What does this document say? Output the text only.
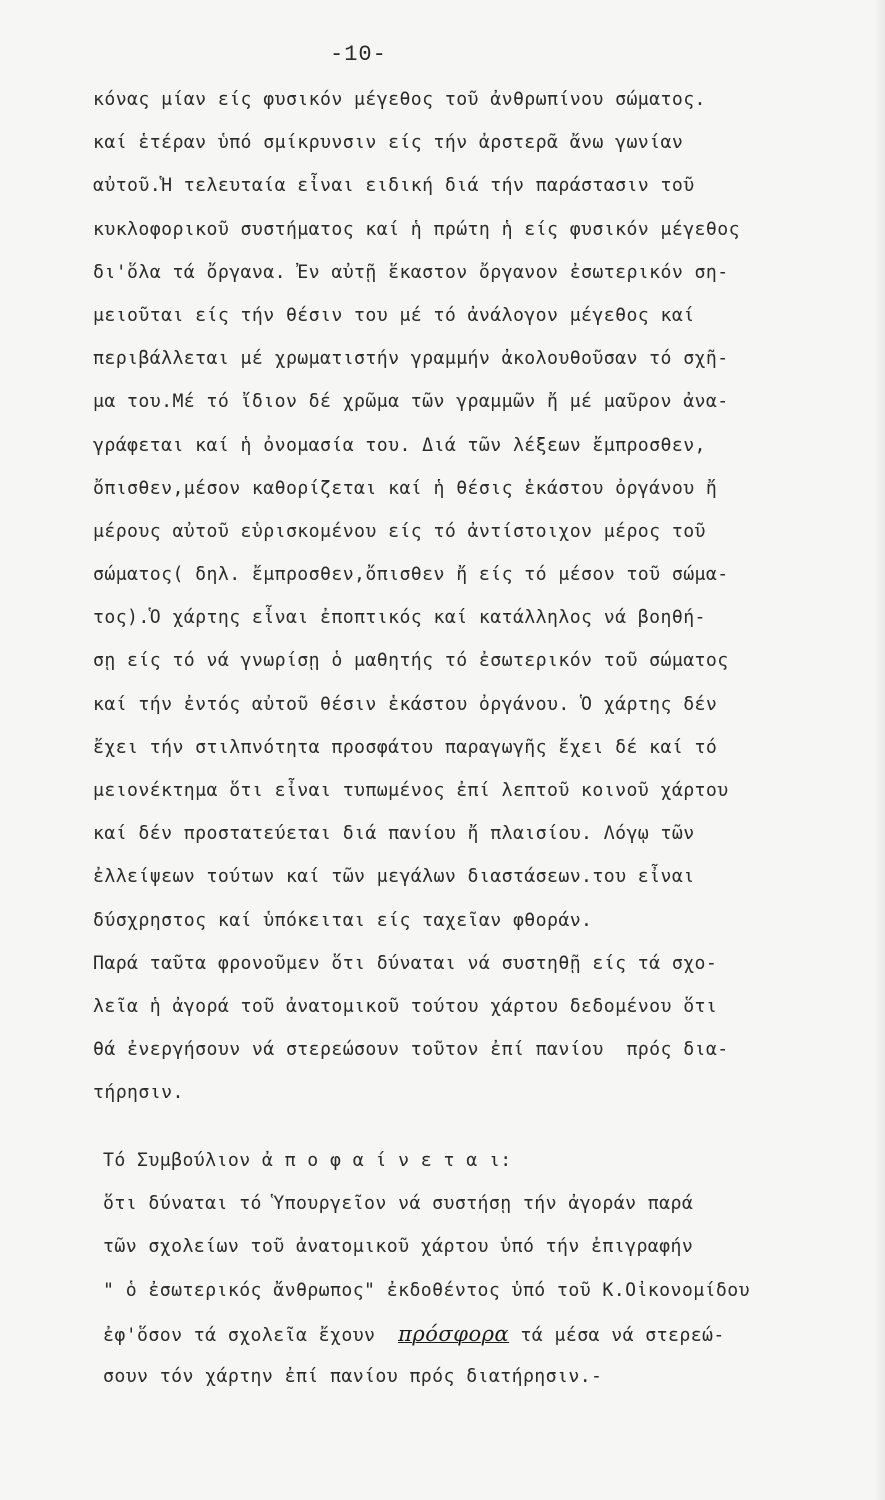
-10-
κόνας μίαν είς φυσικόν μέγεθος τοῦ ἀνθρωπίνου σώματος.
καί ἑτέραν ὑπό σμίκρυνσιν είς τήν ἀρστερᾶ ἄνω γωνίαν
αὐτοῦ.Ἡ τελευταία εἶναι ειδική διά τήν παράστασιν τοῦ
κυκλοφορικοῦ συστήματος καί ἡ πρώτη ἡ είς φυσικόν μέγεθος
δι'ὅλα τά ὄργανα. Ἐν αὐτῇ ἕκαστον ὄργανον ἐσωτερικόν ση-
μειοῦται είς τήν θέσιν του μέ τό ἀνάλογον μέγεθος καί
περιβάλλεται μέ χρωματιστήν γραμμήν ἀκολουθοῦσαν τό σχῆ-
μα του.Μέ τό ἴδιον δέ χρῶμα τῶν γραμμῶν ἤ μέ μαῦρον ἀνα-
γράφεται καί ἡ ὀνομασία του. Διά τῶν λέξεων ἔμπροσθεν,
ὄπισθεν,μέσον καθορίζεται καί ἡ θέσις ἑκάστου ὀργάνου ἤ
μέρους αὐτοῦ εὑρισκομένου είς τό ἀντίστοιχον μέρος τοῦ
σώματος( δηλ. ἔμπροσθεν,ὄπισθεν ἤ είς τό μέσον τοῦ σώμα-
τος).Ὁ χάρτης εἶναι ἐποπτικός καί κατάλληλος νά βοηθή-
σῃ είς τό νά γνωρίσῃ ὁ μαθητής τό ἐσωτερικόν τοῦ σώματος
καί τήν ἐντός αὐτοῦ θέσιν ἑκάστου ὀργάνου. Ὁ χάρτης δέν
ἔχει τήν στιλπνότητα προσφάτου παραγωγῆς ἔχει δέ καί τό
μειονέκτημα ὅτι εἶναι τυπωμένος ἐπί λεπτοῦ κοινοῦ χάρτου
καί δέν προστατεύεται διά πανίου ἤ πλαισίου. Λόγῳ τῶν
ἐλλείψεων τούτων καί τῶν μεγάλων διαστάσεων.του εἶναι
δύσχρηστος καί ὑπόκειται είς ταχεῖαν φθοράν.
Παρά ταῦτα φρονοῦμεν ὅτι δύναται νά συστηθῇ είς τά σχο-
λεῖα ἡ ἀγορά τοῦ ἀνατομικοῦ τούτου χάρτου δεδομένου ὅτι
θά ἐνεργήσουν νά στερεώσουν τοῦτον ἐπί πανίου  πρός δια-
τήρησιν.
Τό Συμβούλιον ἀ π ο φ α ί ν ε τ α ι:
ὅτι δύναται τό Ὑπουργεῖον νά συστήσῃ τήν ἀγοράν παρά
τῶν σχολείων τοῦ ἀνατομικοῦ χάρτου ὑπό τήν ἐπιγραφήν
" ὁ ἐσωτερικός ἄνθρωπος" ἐκδοθέντος ὑπό τοῦ Κ.Οἰκονομίδου
ἐφ'ὅσον τά σχολεῖα ἔχουν  πρόσφορα τά μέσα νά στερεώ-
σουν τόν χάρτην ἐπί πανίου πρός διατήρησιν.-
